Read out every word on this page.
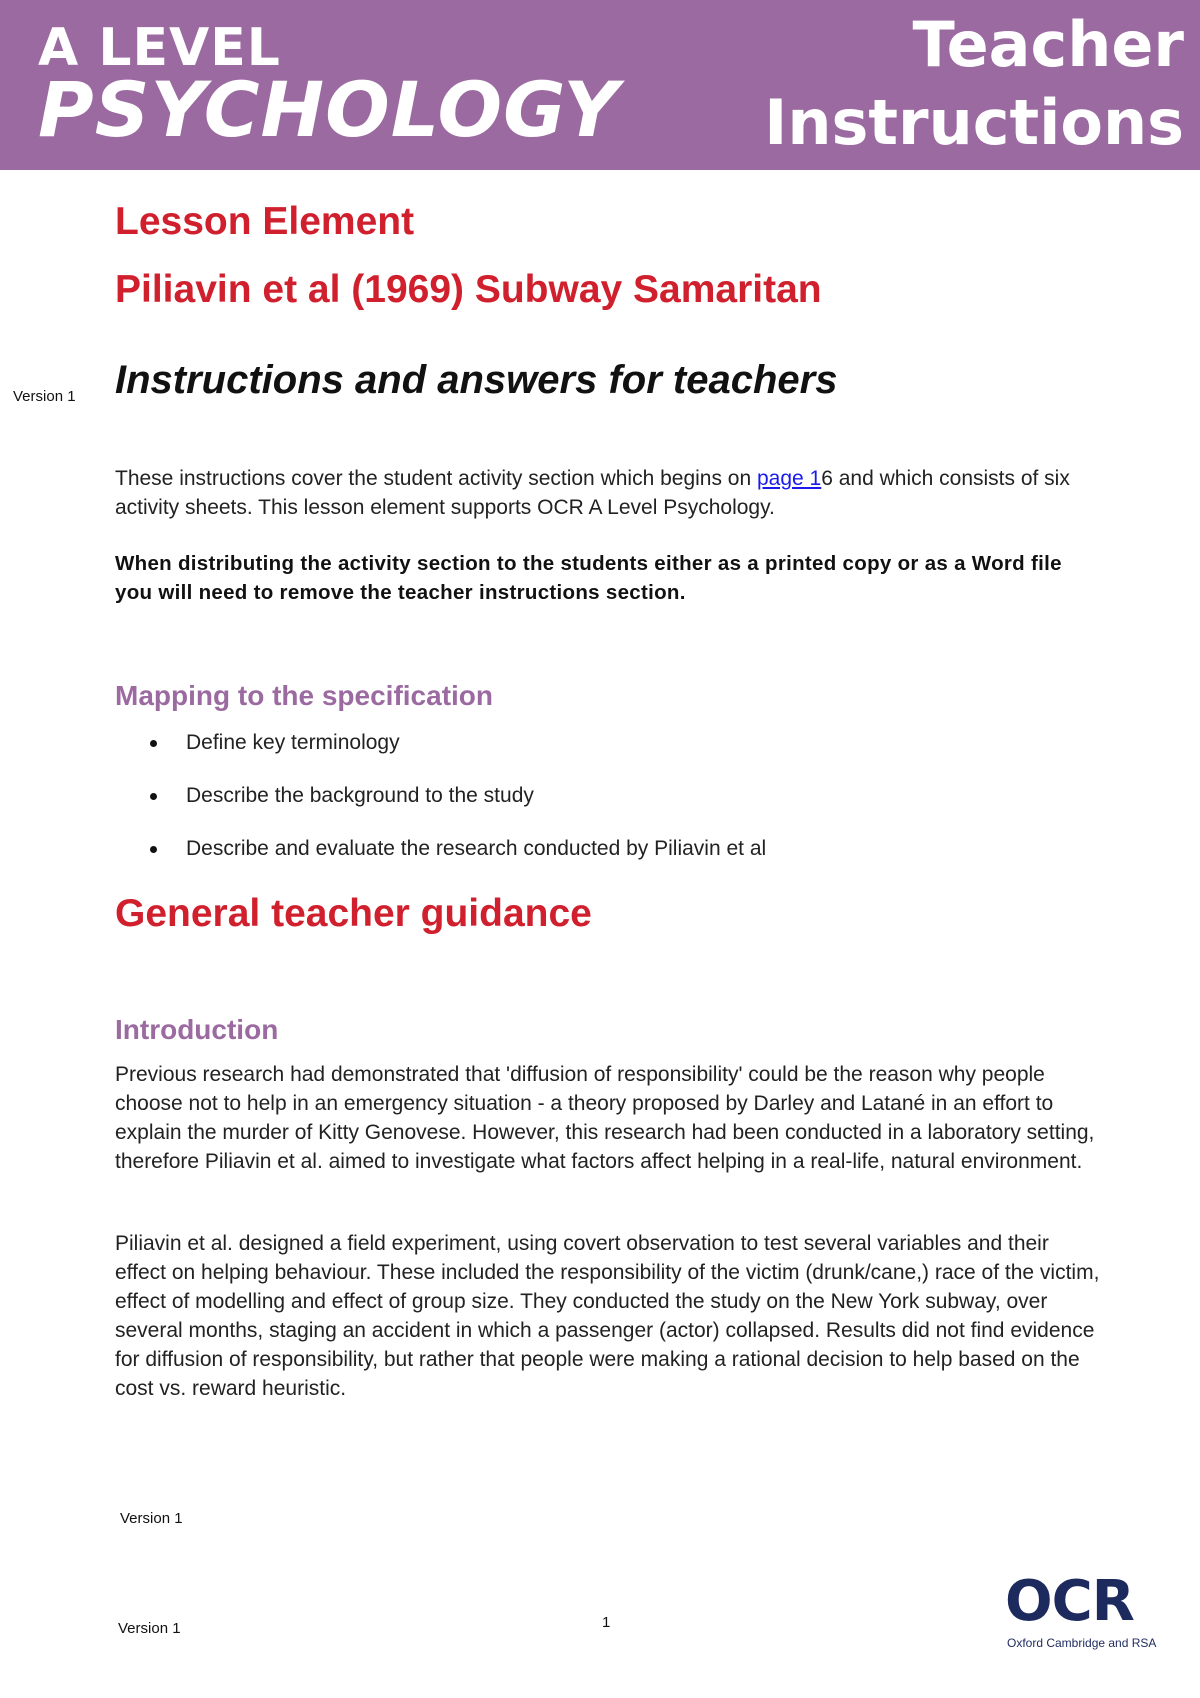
A LEVEL
PSYCHOLOGY
Teacher
Instructions
Lesson Element
Piliavin et al (1969) Subway Samaritan
Version 1 Instructions and answers for teachers
These instructions cover the student activity section which begins on page 16 and which consists of six activity sheets. This lesson element supports OCR A Level Psychology.
When distributing the activity section to the students either as a printed copy or as a Word file you will need to remove the teacher instructions section.
Mapping to the specification
Define key terminology
Describe the background to the study
Describe and evaluate the research conducted by Piliavin et al
General teacher guidance
Introduction
Previous research had demonstrated that 'diffusion of responsibility' could be the reason why people choose not to help in an emergency situation - a theory proposed by Darley and Latané in an effort to explain the murder of Kitty Genovese. However, this research had been conducted in a laboratory setting, therefore Piliavin et al. aimed to investigate what factors affect helping in a real-life, natural environment.
Piliavin et al. designed a field experiment, using covert observation to test several variables and their effect on helping behaviour. These included the responsibility of the victim (drunk/cane,) race of the victim, effect of modelling and effect of group size. They conducted the study on the New York subway, over several months, staging an accident in which a passenger (actor) collapsed. Results did not find evidence for diffusion of responsibility, but rather that people were making a rational decision to help based on the cost vs. reward heuristic.
Version 1
Version 1	1	OCR
Oxford Cambridge and RSA
